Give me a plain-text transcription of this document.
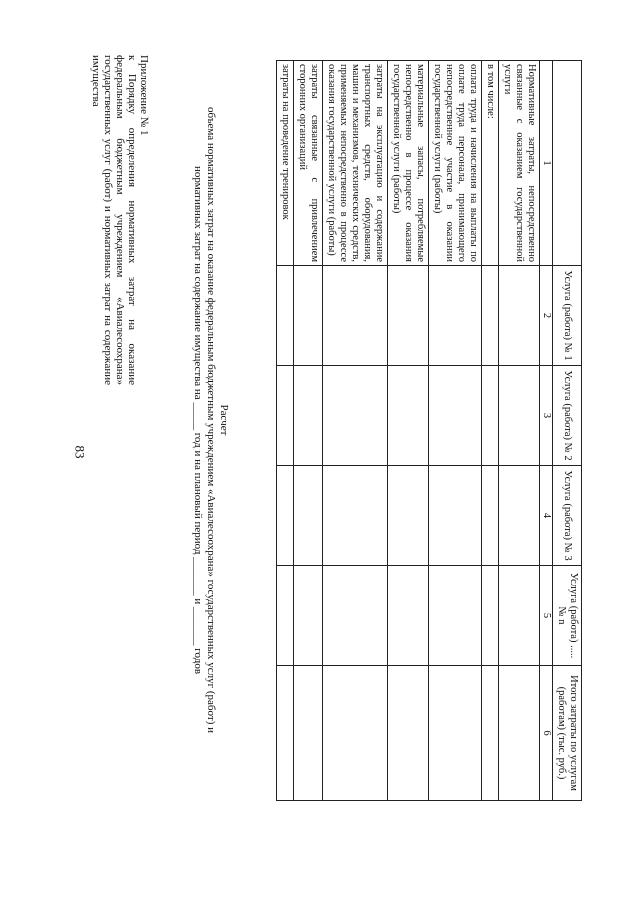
83
Приложение № 1
к Порядку определения нормативных затрат на оказание федеральным бюджетным учреждением «Авиалесоохрана» государственных услуг (работ) и нормативных затрат на содержание имущества
Расчет
объема нормативных затрат на оказание федеральным бюджетным учреждением «Авиалесоохрана» государственных услуг (работ) и
нормативных затрат на содержание имущества на _____ год и на плановый период _______ и _______ годов
		Услуга (работа) № 1	Услуга (работа) № 2	Услуга (работа) № 3	Услуга (работа) ..... № n	Итого затраты по услугам (работам) (тыс. руб.)
1	2	3	4	5	6
Нормативные затраты, непосредственно связанные с оказанием государственной услуги					
в том числе:					
оплата труда и начисления на выплаты по оплате труда персонала, принимающего непосредственное участие в оказании государственной услуги (работы)					
материальные запасы, потребляемые непосредственно в процессе оказания государственной услуги (работы)					
затраты на эксплуатацию и содержание транспортных средств, оборудования, машин и механизмов, технических средств, применяемых непосредственно в процессе оказания государственной услуги (работы)					
затраты связанные с привлечением сторонних организаций					
затраты на проведение тренировок					
